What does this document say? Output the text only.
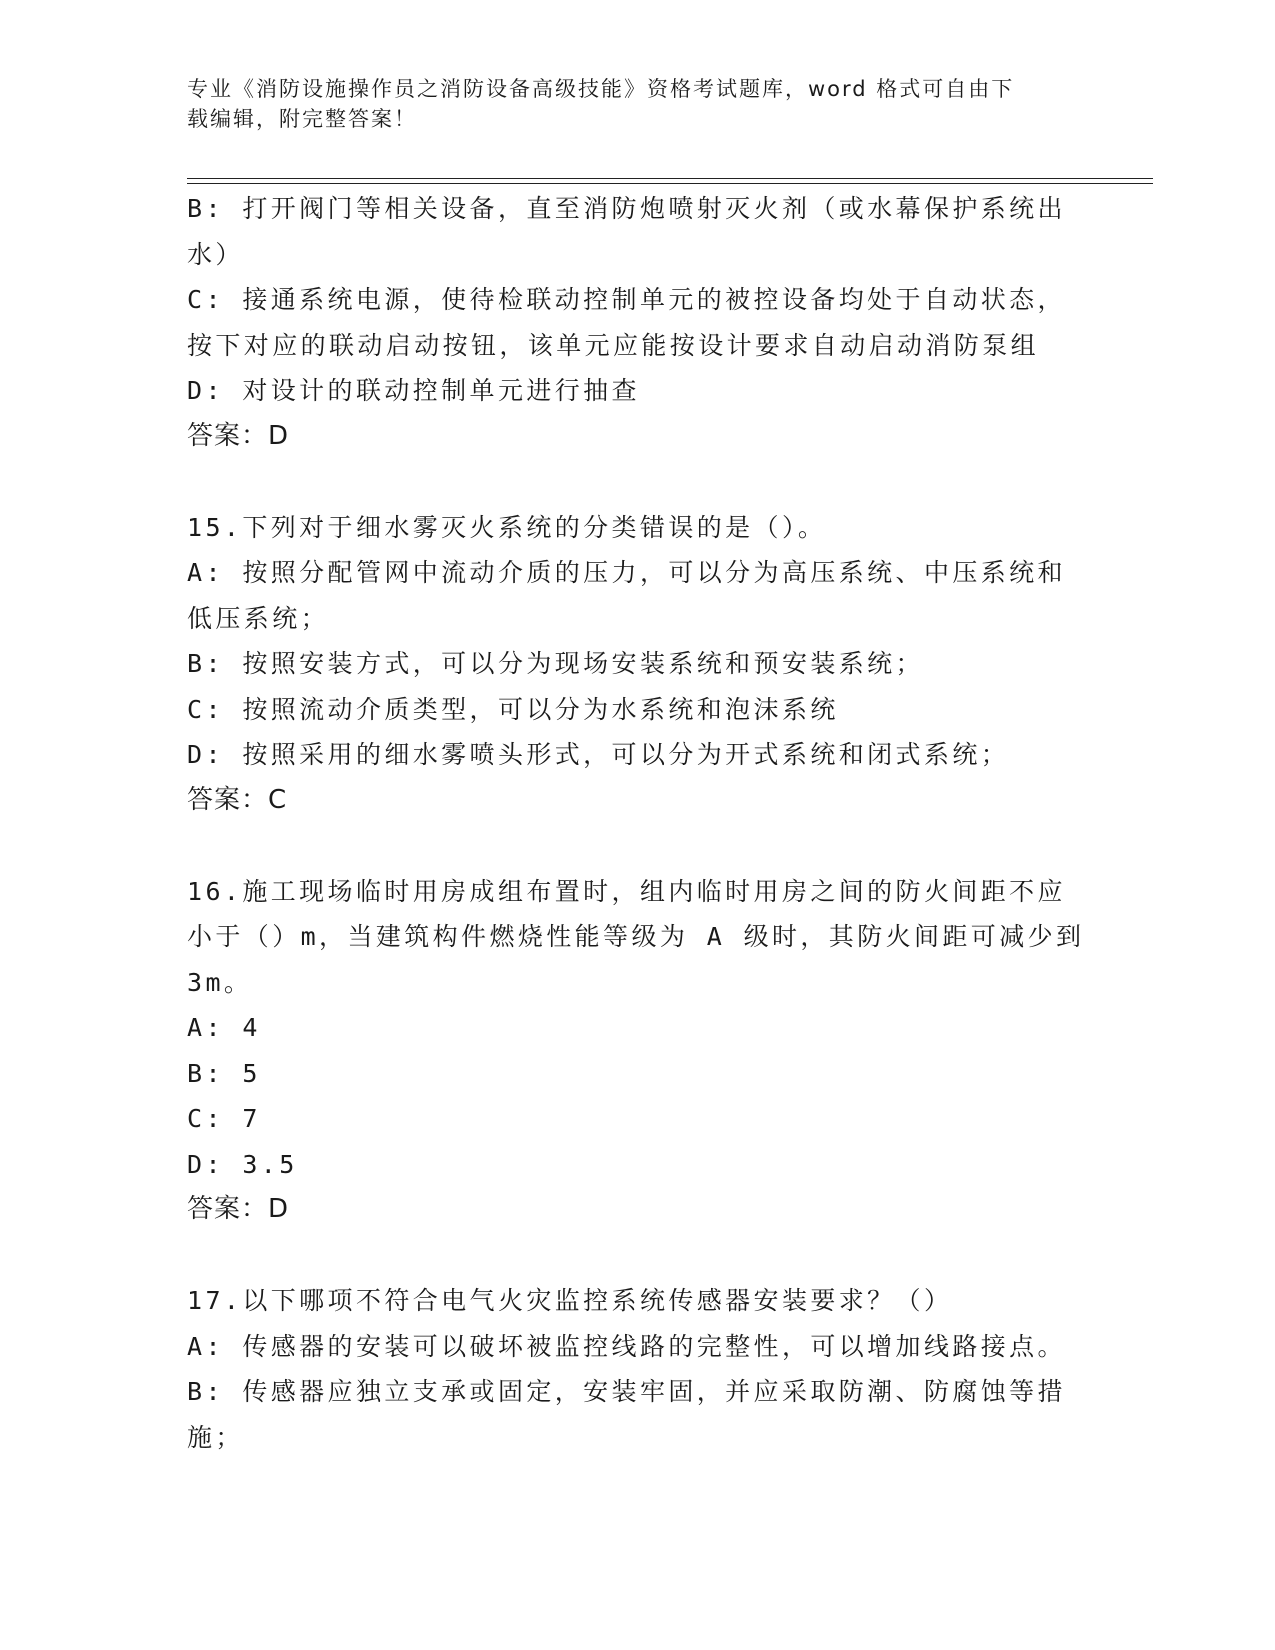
专业《消防设施操作员之消防设备高级技能》资格考试题库，word 格式可自由下
载编辑，附完整答案！
B: 打开阀门等相关设备，直至消防炮喷射灭火剂（或水幕保护系统出
水）
C: 接通系统电源，使待检联动控制单元的被控设备均处于自动状态，
按下对应的联动启动按钮，该单元应能按设计要求自动启动消防泵组
D: 对设计的联动控制单元进行抽查
答案：D
15.下列对于细水雾灭火系统的分类错误的是（）。
A: 按照分配管网中流动介质的压力，可以分为高压系统、中压系统和
低压系统；
B: 按照安装方式，可以分为现场安装系统和预安装系统；
C: 按照流动介质类型，可以分为水系统和泡沫系统
D: 按照采用的细水雾喷头形式，可以分为开式系统和闭式系统；
答案：C
16.施工现场临时用房成组布置时，组内临时用房之间的防火间距不应
小于（）m，当建筑构件燃烧性能等级为 A 级时，其防火间距可减少到
3m。
A: 4
B: 5
C: 7
D: 3.5
答案：D
17.以下哪项不符合电气火灾监控系统传感器安装要求？（）
A: 传感器的安装可以破坏被监控线路的完整性，可以增加线路接点。
B: 传感器应独立支承或固定，安装牢固，并应采取防潮、防腐蚀等措
施；
